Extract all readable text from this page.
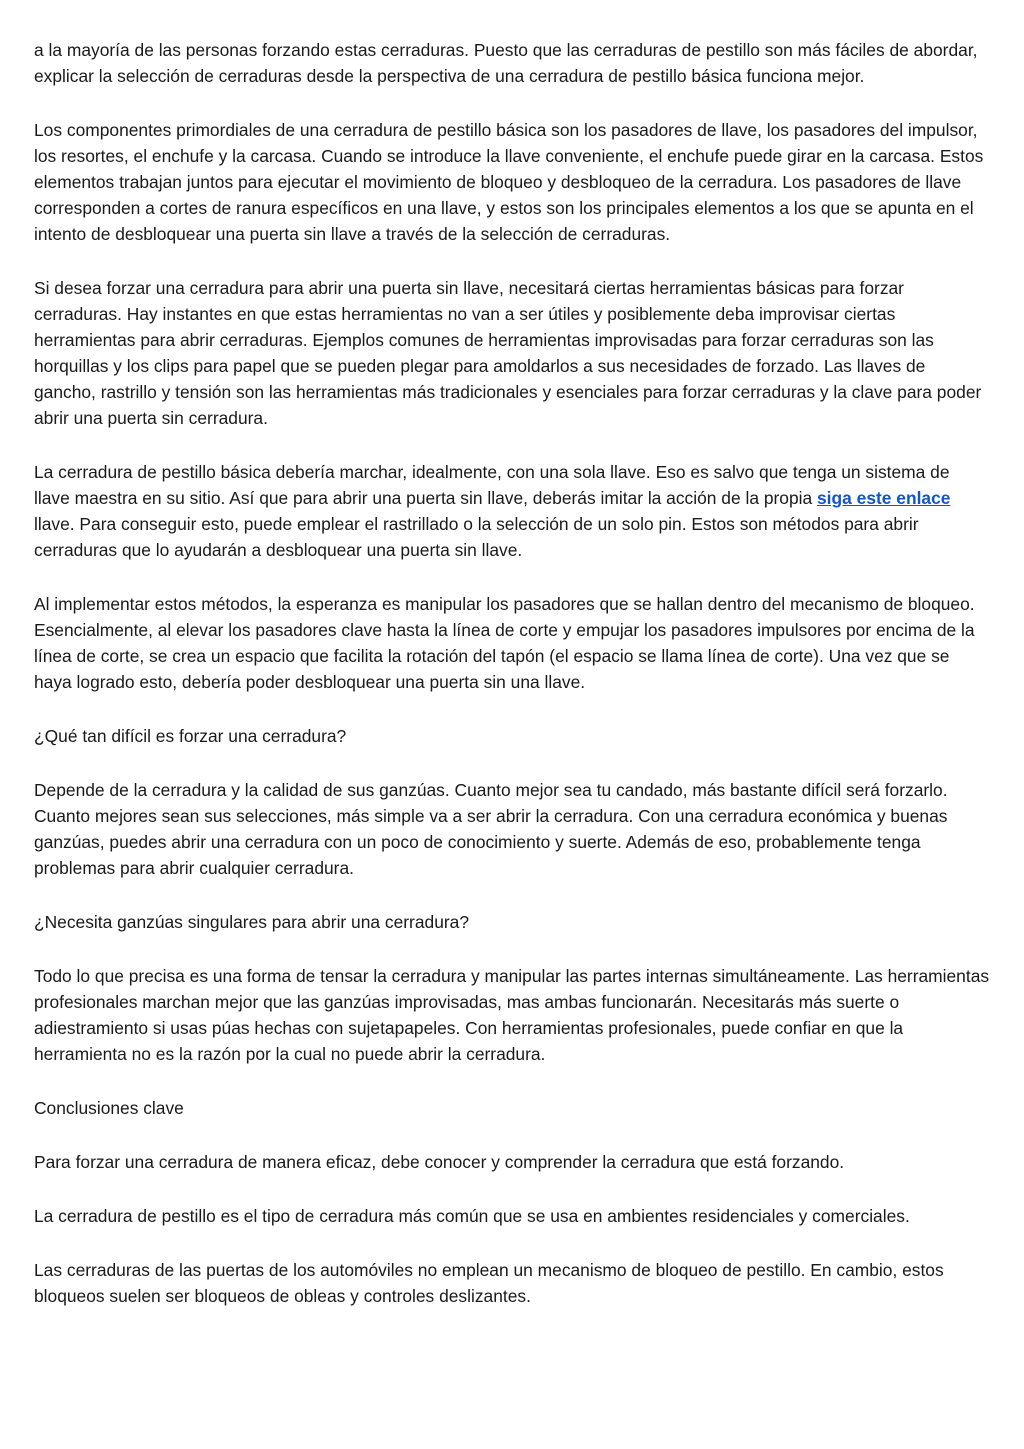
a la mayoría de las personas forzando estas cerraduras. Puesto que las cerraduras de pestillo son más fáciles de abordar, explicar la selección de cerraduras desde la perspectiva de una cerradura de pestillo básica funciona mejor.

Los componentes primordiales de una cerradura de pestillo básica son los pasadores de llave, los pasadores del impulsor, los resortes, el enchufe y la carcasa. Cuando se introduce la llave conveniente, el enchufe puede girar en la carcasa. Estos elementos trabajan juntos para ejecutar el movimiento de bloqueo y desbloqueo de la cerradura. Los pasadores de llave corresponden a cortes de ranura específicos en una llave, y estos son los principales elementos a los que se apunta en el intento de desbloquear una puerta sin llave a través de la selección de cerraduras.

Si desea forzar una cerradura para abrir una puerta sin llave, necesitará ciertas herramientas básicas para forzar cerraduras. Hay instantes en que estas herramientas no van a ser útiles y posiblemente deba improvisar ciertas herramientas para abrir cerraduras. Ejemplos comunes de herramientas improvisadas para forzar cerraduras son las horquillas y los clips para papel que se pueden plegar para amoldarlos a sus necesidades de forzado. Las llaves de gancho, rastrillo y tensión son las herramientas más tradicionales y esenciales para forzar cerraduras y la clave para poder abrir una puerta sin cerradura.

La cerradura de pestillo básica debería marchar, idealmente, con una sola llave. Eso es salvo que tenga un sistema de llave maestra en su sitio. Así que para abrir una puerta sin llave, deberás imitar la acción de la propia siga este enlace llave. Para conseguir esto, puede emplear el rastrillado o la selección de un solo pin. Estos son métodos para abrir cerraduras que lo ayudarán a desbloquear una puerta sin llave.

Al implementar estos métodos, la esperanza es manipular los pasadores que se hallan dentro del mecanismo de bloqueo. Esencialmente, al elevar los pasadores clave hasta la línea de corte y empujar los pasadores impulsores por encima de la línea de corte, se crea un espacio que facilita la rotación del tapón (el espacio se llama línea de corte). Una vez que se haya logrado esto, debería poder desbloquear una puerta sin una llave.

¿Qué tan difícil es forzar una cerradura?

Depende de la cerradura y la calidad de sus ganzúas. Cuanto mejor sea tu candado, más bastante difícil será forzarlo. Cuanto mejores sean sus selecciones, más simple va a ser abrir la cerradura. Con una cerradura económica y buenas ganzúas, puedes abrir una cerradura con un poco de conocimiento y suerte. Además de eso, probablemente tenga problemas para abrir cualquier cerradura.

¿Necesita ganzúas singulares para abrir una cerradura?

Todo lo que precisa es una forma de tensar la cerradura y manipular las partes internas simultáneamente. Las herramientas profesionales marchan mejor que las ganzúas improvisadas, mas ambas funcionarán. Necesitarás más suerte o adiestramiento si usas púas hechas con sujetapapeles. Con herramientas profesionales, puede confiar en que la herramienta no es la razón por la cual no puede abrir la cerradura.

Conclusiones clave

Para forzar una cerradura de manera eficaz, debe conocer y comprender la cerradura que está forzando.

La cerradura de pestillo es el tipo de cerradura más común que se usa en ambientes residenciales y comerciales.

Las cerraduras de las puertas de los automóviles no emplean un mecanismo de bloqueo de pestillo. En cambio, estos bloqueos suelen ser bloqueos de obleas y controles deslizantes.
